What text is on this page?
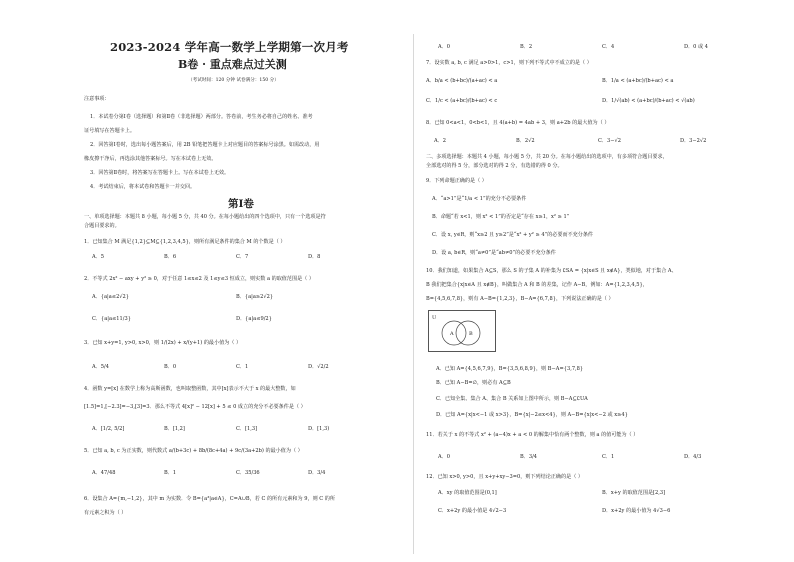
2023-2024 学年高一数学上学期第一次月考
B卷 · 重点难点过关测
（考试时间：120 分钟 试卷满分：150 分）
注意事项：
1．本试卷分第Ⅰ卷（选择题）和第Ⅱ卷（非选择题）两部分。答卷前，考生务必将自己的姓名、准考
证号填写在答题卡上。
2．回答第Ⅰ卷时，选出每小题答案后，用 2B 铅笔把答题卡上对应题目的答案标号涂黑。如需改动，用
橡皮擦干净后，再选涂其他答案标号。写在本试卷上无效。
3．回答第Ⅱ卷时，将答案写在答题卡上。写在本试卷上无效。
4．考试结束后，将本试卷和答题卡一并交回。
第Ⅰ卷
一、单项选择题：本题共 8 小题，每小题 5 分，共 40 分。在每小题给出的四个选项中，只有一个选项是符
合题目要求的。
1．已知集合 M 满足{1,2}⊆M⊆{1,2,3,4,5}，则所有满足条件的集合 M 的个数是（ ）
A．5	B．6	C．7	D．8
2．不等式 2x² − axy + y² ≥ 0，对于任意 1≤x≤2 及 1≤y≤3 恒成立，则实数 a 的取值范围是（ ）
A．{a|a≤2√2}	B．{a|a≥2√2}
C．{a|a≤11/3}	D．{a|a≤9/2}
3．已知 x+y=1, y>0, x>0，则 1/(2x) + x/(y+1) 的最小值为（ ）
A．5/4	B．0	C．1	D．√2/2
4．函数 y=[x] 在数学上称为高斯函数，也叫取整函数，其中[x]表示不大于 x 的最大整数，如
[1.5]=1,[−2.3]=−3,[3]=3．那么不等式 4[x]² − 12[x] + 5 ≤ 0 成立的充分不必要条件是（ ）
A．[1/2, 5/2]	B．[1,2]	C．[1,3]	D．[1,3)
5．已知 a, b, c 为正实数，则代数式 a/(b+3c) + 8b/(8c+4a) + 9c/(3a+2b) 的最小值为（ ）
A．47/48	B．1	C．35/36	D．3/4
6．设集合 A={m,−1,2}，其中 m 为实数．令 B={a³|a∈A}，C=A∪B，若 C 的所有元素和为 9，则 C 的所
有元素之积为（ ）
A．0	B．2	C．4	D．0 或 4
7．设实数 a, b, c 满足 a>0>1，c>1，则下列不等式中不成立的是（ ）
A．b/a < (b+bc)/(a+ac) < a	B．1/a < (a+bc)/(b+ac) < a
C．1/c < (a+bc)/(b+ac) < c	D．1/√(ab) < (a+bc)/(b+ac) < √(ab)
8．已知 0<a<1，0<b<1，且 4(a+b) = 4ab + 3，则 a+2b 的最大值为（ ）
A．2	B．2√2	C．3−√2	D．3−2√2
二、多项选择题：本题共 4 小题，每小题 5 分，共 20 分。在每小题给出的选项中，有多项符合题目要求，
全部选对的得 5 分，部分选对的得 2 分，有选错的得 0 分。
9．下列命题正确的是（ ）
A．“a>1”是“1/a < 1”的充分不必要条件
B．命题“若 x<1，则 x² < 1”的否定是“存在 x≥1，x² ≥ 1”
C．设 x, y∈R，则“x≥2 且 y≥2”是“x² + y² ≥ 4”的必要而不充分条件
D．设 a, b∈R，则“a≠0”是“ab≠0”的必要不充分条件
10．我们知道，如果集合 A⊆S，那么 S 的子集 A 的补集为 ∁SA = {x|x∈S 且 x∉A}，类似地，对于集合 A、
B 我们把集合{x|x∈A 且 x∉B}，叫做集合 A 和 B 的差集，记作 A−B，例如：A={1,2,3,4,5}，
B={4,5,6,7,8}，则有 A−B={1,2,3}，B−A={6,7,8}，下列说法正确的是（ ）
U
A	B
A．已知 A={4,5,6,7,9}，B={3,5,6,8,9}，则 B−A={3,7,8}
B．已知 A−B=∅，则必有 A⊆B
C．已知全集、集合 A、集合 B 关系如上图中所示，则 B−A⊆∁UA
D．已知 A={x|x<−1 或 x>3}，B={x|−2≤x<4}，则 A−B={x|x<−2 或 x≥4}
11．若关于 x 的不等式 x² + (a−4)x + a < 0 的解集中恰有两个整数，则 a 的值可能为（ ）
A．0	B．3/4	C．1	D．4/3
12．已知 x>0, y>0，且 x+y+xy−3=0，则下列结论正确的是（ ）
A．xy 的取值范围是(0,1]	B．x+y 的取值范围是[2,3]
C．x+2y 的最小值是 4√2−3	D．x+2y 的最小值为 4√3−6
